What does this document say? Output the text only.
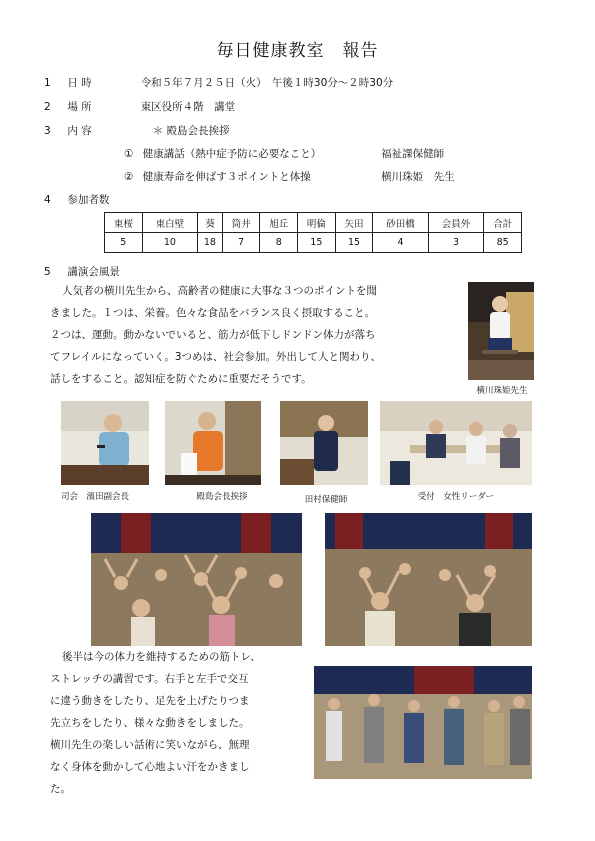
毎日健康教室　報告
1 日 時	令和５年７月２５日（火）　午後１時30分～２時30分
2 場 所	東区役所４階　講堂
3 内 容	＊ 殿島会長挨拶
① 健康講話（熱中症予防に必要なこと）	福祉課保健師
② 健康寿命を伸ばす３ポイントと体操	横川珠姫　先生
4 参加者数
東桜	東白壁	葵	筒井	旭丘	明倫	矢田	砂田橋	会員外	合計
5	10	18	7	8	15	15	4	3	85
5 講演会風景
人気者の横川先生から、高齢者の健康に大事な３つのポイントを聞
きました。１つは、栄養。色々な食品をバランス良く摂取すること。
２つは、運動。動かないでいると、筋力が低下しドンドン体力が落ち
てフレイルになっていく。3つめは、社会参加。外出して人と関わり、
話しをすること。認知症を防ぐために重要だそうです。
横川珠姫先生
司会　濱田副会長	殿島会長挨拶	田村保健師	受付　女性リーダー
後半は今の体力を維持するための筋トレ、
ストレッチの講習です。右手と左手で交互
に違う動きをしたり、足先を上げたりつま
先立ちをしたり、様々な動きをしました。
横川先生の楽しい話術に笑いながら、無理
なく身体を動かして心地よい汗をかきまし
た。
